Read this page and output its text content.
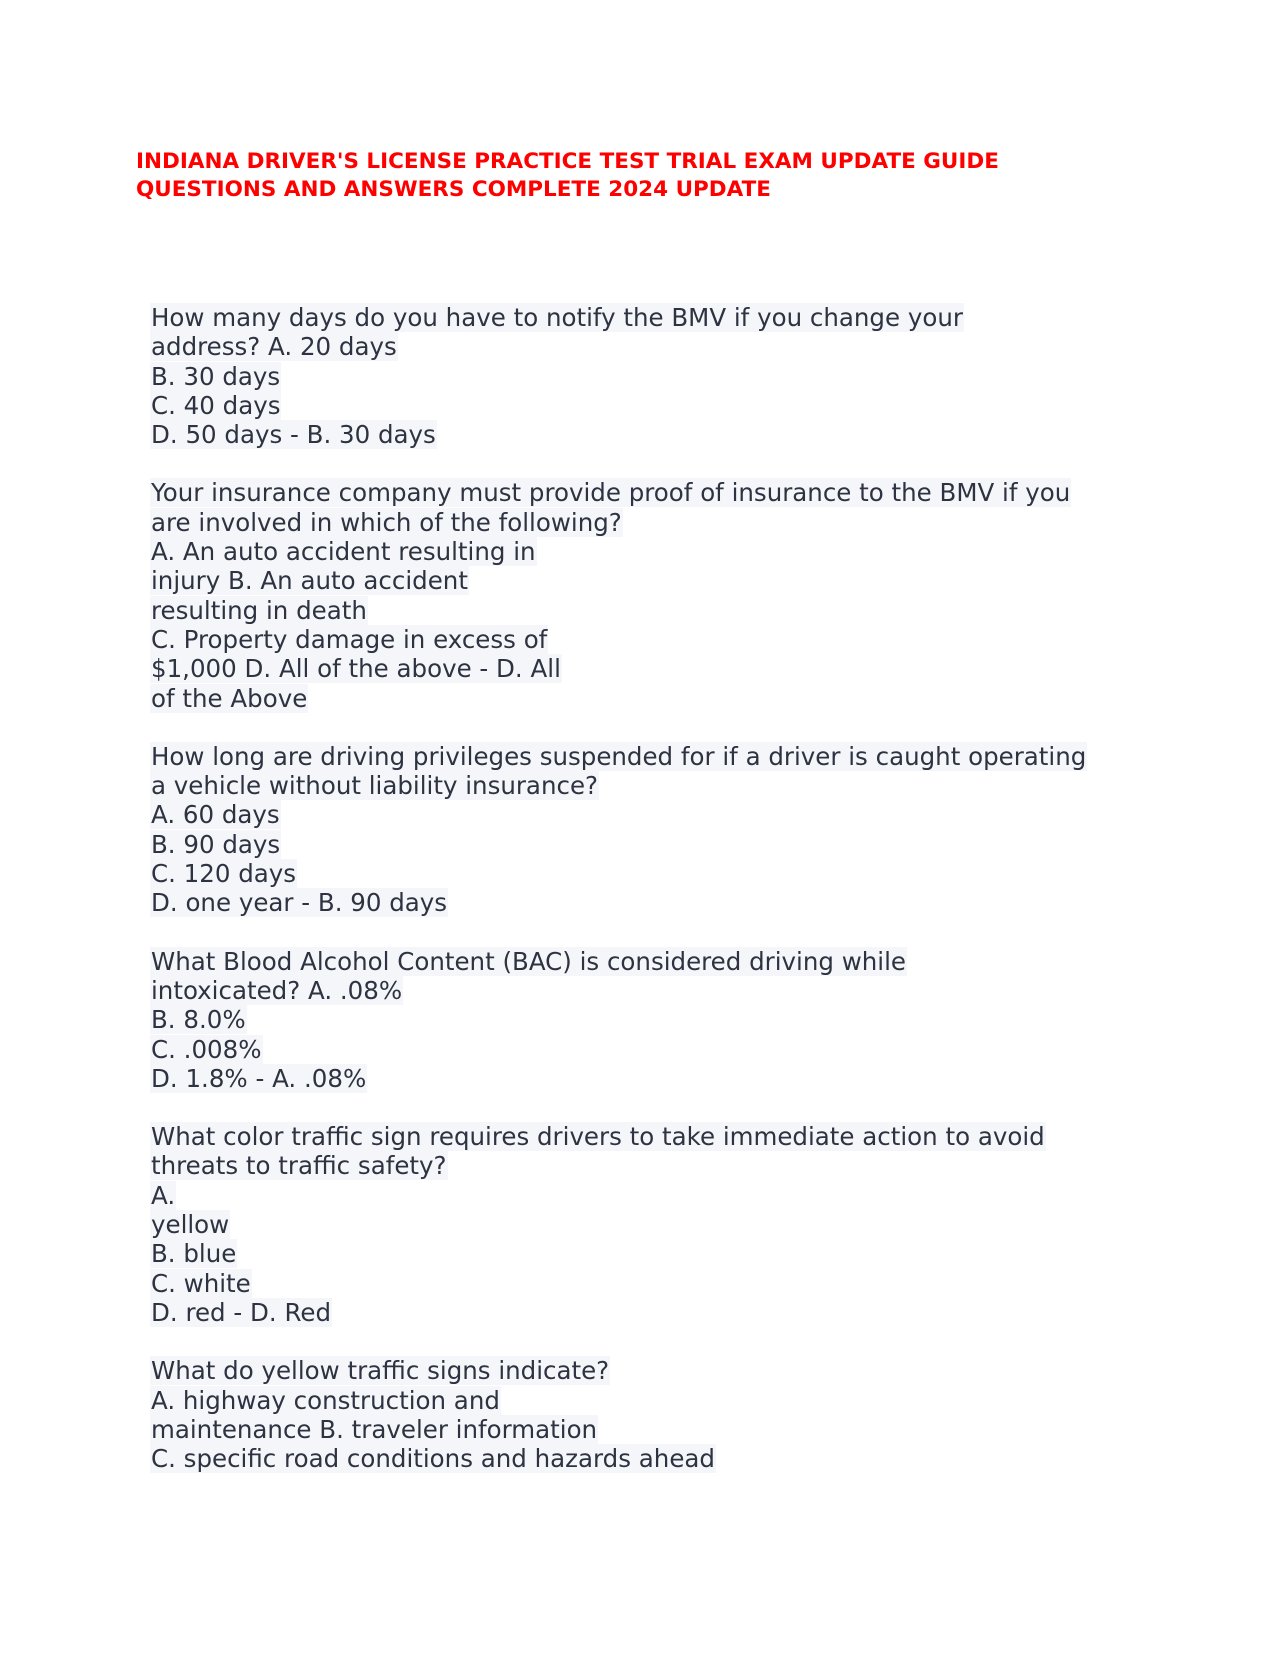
INDIANA DRIVER'S LICENSE PRACTICE TEST TRIAL EXAM UPDATE GUIDE
QUESTIONS AND ANSWERS COMPLETE 2024 UPDATE

How many days do you have to notify the BMV if you change your

address? A. 20 days

B. 30 days

C. 40 days

D. 50 days - B. 30 days

Your insurance company must provide proof of insurance to the BMV if you

are involved in which of the following?

A. An auto accident resulting in

injury B. An auto accident

resulting in death

C. Property damage in excess of

$1,000 D. All of the above - D. All

of the Above

How long are driving privileges suspended for if a driver is caught operating

a vehicle without liability insurance?

A. 60 days

B. 90 days

C. 120 days

D. one year - B. 90 days

What Blood Alcohol Content (BAC) is considered driving while

intoxicated? A. .08%

B. 8.0%

C. .008%

D. 1.8% - A. .08%

What color traffic sign requires drivers to take immediate action to avoid

threats to traffic safety?

A.

yellow

B. blue

C. white

D. red - D. Red

What do yellow traffic signs indicate?

A. highway construction and

maintenance B. traveler information

C. specific road conditions and hazards ahead
